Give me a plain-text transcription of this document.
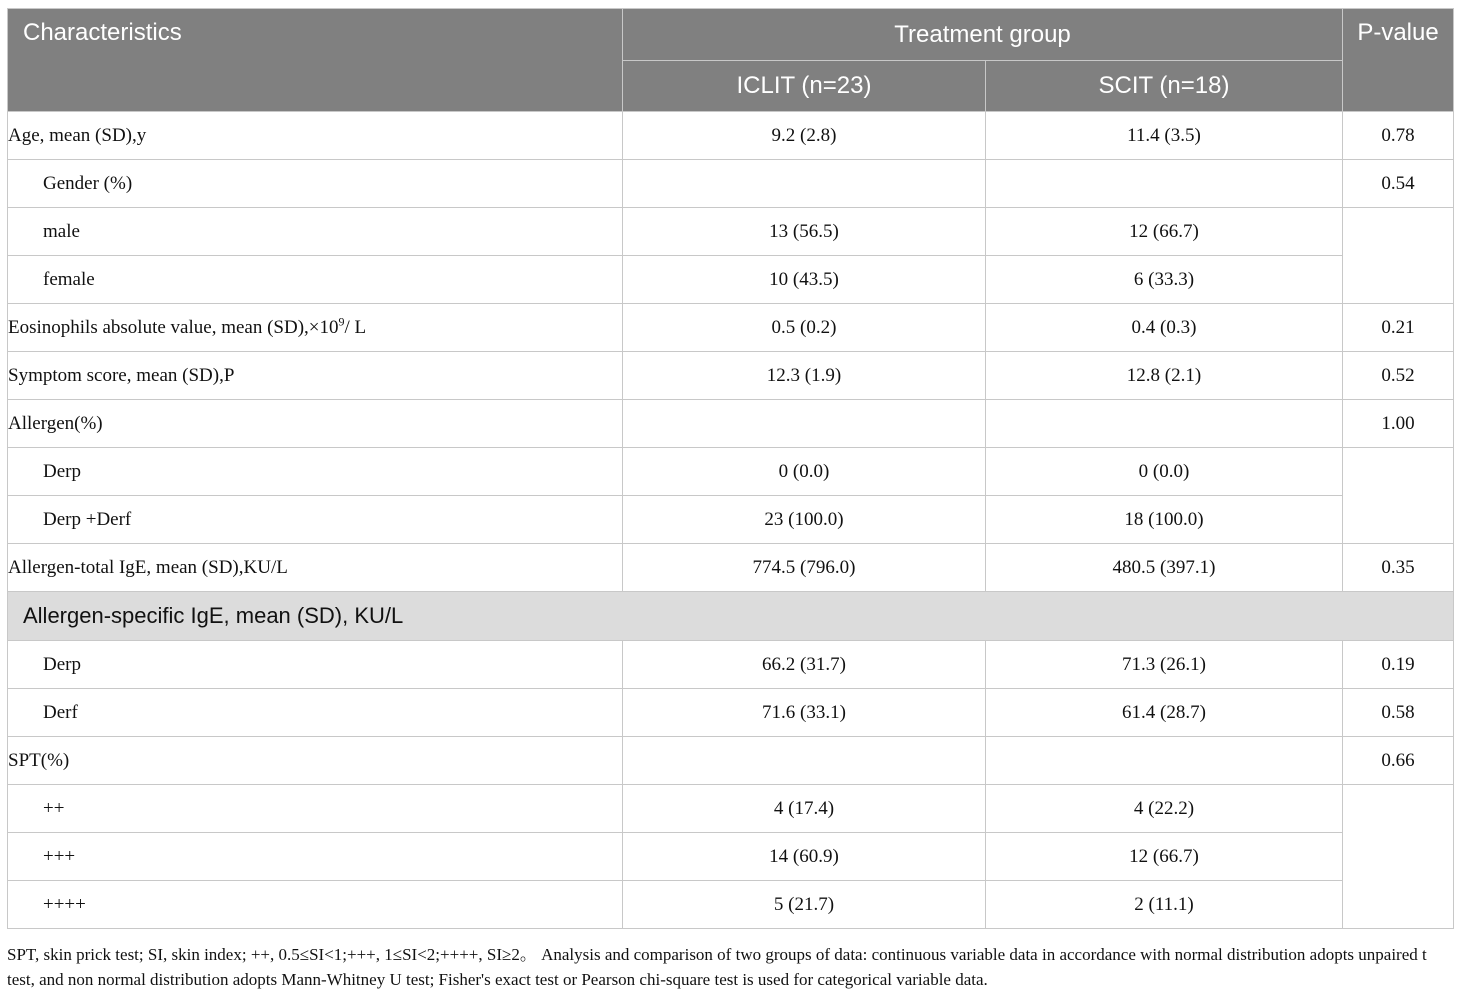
Characteristics	Treatment group		P-value
	ICLIT (n=23)	SCIT (n=18)	
Age, mean (SD),y	9.2 (2.8)	11.4 (3.5)	0.78
Gender (%)			0.54
male	13 (56.5)	12 (66.7)	
female	10 (43.5)	6 (33.3)	
Eosinophils absolute value, mean $(SD),\times 10^9/$ L	0.5 (0.2)	0.4 (0.3)	0.21
Symptom score, mean (SD),P	12.3 (1.9)	12.8 (2.1)	0.52
Allergen(%)			1.00
Derp	0 (0.0)	0 (0.0)	
Derp +Derf	23 (100.0)	18 (100.0)	
Allergen-total IgE, mean (SD),KU/L	774.5 (796.0)	480.5 (397.1)	0.35
Allergen-specific IgE, mean (SD), KU/L			
Derp	66.2 (31.7)	71.3 (26.1)	0.19
Derf	71.6 (33.1)	61.4 (28.7)	0.58
SPT(%)			0.66
++	4 (17.4)	4 (22.2)	
+++	14 (60.9)	12 (66.7)	
++++	5 (21.7)	2 (11.1)	
SPT, skin prick test; SI, skin index; ++, 0.5≤SI<1;+++, 1≤SI<2;++++, SI≥2。 Analysis and comparison of two groups of data: continuous variable data in accordance with normal distribution adopts unpaired t test, and non normal distribution adopts Mann-Whitney U test; Fisher's exact test or Pearson chi-square test is used for categorical variable data.
